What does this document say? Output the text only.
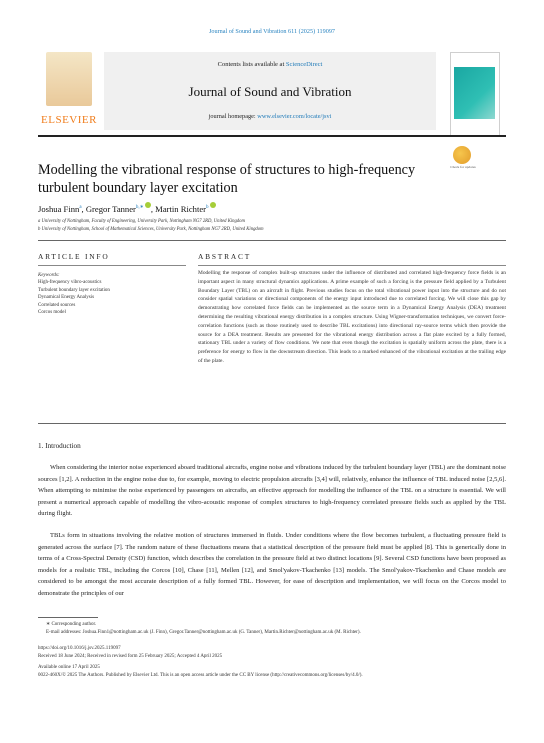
Journal of Sound and Vibration 611 (2025) 119097
ELSEVIER
Contents lists available at ScienceDirect
Journal of Sound and Vibration
journal homepage: www.elsevier.com/locate/jsvi
Modelling the vibrational response of structures to high-frequency turbulent boundary layer excitation
Check for updates
Joshua Finn$^a$, Gregor Tanner$^{b,∗}$ , Martin Richter$^b$
a University of Nottingham, Faculty of Engineering, University Park, Nottingham NG7 2RD, United Kingdom
b University of Nottingham, School of Mathematical Sciences, University Park, Nottingham NG7 2RD, United Kingdom
ARTICLE INFO	ABSTRACT
Keywords:
High-frequency vibro-acoustics
Turbulent boundary layer excitation
Dynamical Energy Analysis
Correlated sources
Corcos model
Modelling the response of complex built-up structures under the influence of distributed and correlated high-frequency force fields is an important aspect in many structural dynamics applications. A prime example of such a forcing is the pressure field applied by a Turbulent Boundary Layer (TBL) on an aircraft in flight. Previous studies focus on the total vibrational power input into the structure and do not consider spatial variations or directional components of the energy input introduced due to correlated forcing. We will close this gap by demonstrating how correlated force fields can be implemented as the source term in a Dynamical Energy Analysis (DEA) treatment determining the resulting vibrational energy distribution in a complex structure. Using Wigner-transformation techniques, we convert force-correlation functions (such as those routinely used to describe TBL excitations) into directional ray-source terms which then provide the source for a DEA treatment. Results are presented for the vibrational energy distribution across a flat plate excited by a fully formed, stationary TBL under a variety of flow conditions. We note that even though the excitation is spatially uniform across the plate, there is a preference for energy to flow in the downstream direction. This leads to a marked enhanced of the vibrational excitation at the trailing edge of the plate.
1. Introduction
When considering the interior noise experienced aboard traditional aircrafts, engine noise and vibrations induced by the turbulent boundary layer (TBL) are the dominant noise sources [1,2]. A reduction in the engine noise due to, for example, moving to electric propulsion aircrafts [3,4] will, relatively, enhance the influence of TBL induced noise [2,5,6]. When attempting to minimise the noise experienced by passengers on aircrafts, an effective approach for modelling the influence of the TBL on a structure is essential. We will present a numerical approach capable of modelling the vibro-acoustic response of complex structures to high-frequency correlated pressure fields such as applied by the TBL during flight.
TBLs form in situations involving the relative motion of structures immersed in fluids. Under conditions where the flow becomes turbulent, a fluctuating pressure field is generated across the surface [7]. The random nature of these fluctuations means that a statistical description of the pressure field must be applied [8]. This is generically done in terms of a Cross-Spectral Density (CSD) function, which describes the correlation in the pressure field at two distinct locations [9]. Several CSD functions have been proposed as models for a realistic TBL, including the Corcos [10], Chase [11], Mellen [12], and Smol'yakov-Tkachenko [13] models. The Smol'yakov-Tkachenko and Chase models are considered to be amongst the most accurate description of a fully formed TBL. However, for ease of description and implementation, we will focus on the Corcos model to demonstrate the principles of our
∗ Corresponding author.
E-mail addresses: Joshua.Finn1@nottingham.ac.uk (J. Finn), Gregor.Tanner@nottingham.ac.uk (G. Tanner), Martin.Richter@nottingham.ac.uk (M. Richter).
https://doi.org/10.1016/j.jsv.2025.119097
Received 18 June 2024; Received in revised form 25 February 2025; Accepted 4 April 2025
Available online 17 April 2025
0022-460X/© 2025 The Authors. Published by Elsevier Ltd. This is an open access article under the CC BY license (http://creativecommons.org/licenses/by/4.0/).
